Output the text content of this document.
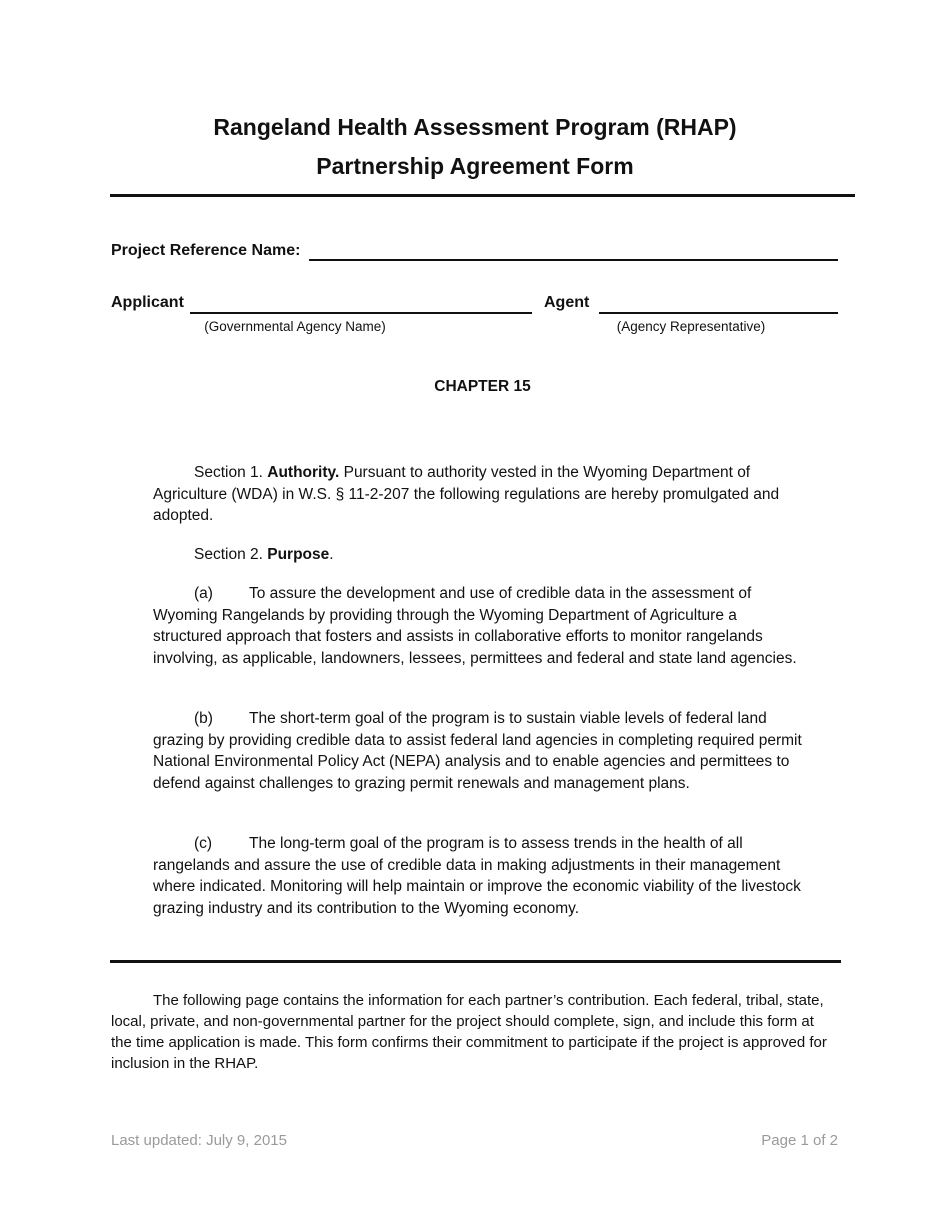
Rangeland Health Assessment Program (RHAP)
Partnership Agreement Form
Project Reference Name:
Applicant
(Governmental Agency Name)
Agent
(Agency Representative)
CHAPTER 15
Section 1. Authority. Pursuant to authority vested in the Wyoming Department of Agriculture (WDA) in W.S. § 11-2-207 the following regulations are hereby promulgated and adopted.
Section 2. Purpose.
(a) To assure the development and use of credible data in the assessment of Wyoming Rangelands by providing through the Wyoming Department of Agriculture a structured approach that fosters and assists in collaborative efforts to monitor rangelands involving, as applicable, landowners, lessees, permittees and federal and state land agencies.
(b) The short-term goal of the program is to sustain viable levels of federal land grazing by providing credible data to assist federal land agencies in completing required permit National Environmental Policy Act (NEPA) analysis and to enable agencies and permittees to defend against challenges to grazing permit renewals and management plans.
(c) The long-term goal of the program is to assess trends in the health of all rangelands and assure the use of credible data in making adjustments in their management where indicated. Monitoring will help maintain or improve the economic viability of the livestock grazing industry and its contribution to the Wyoming economy.
The following page contains the information for each partner’s contribution. Each federal, tribal, state, local, private, and non-governmental partner for the project should complete, sign, and include this form at the time application is made. This form confirms their commitment to participate if the project is approved for inclusion in the RHAP.
Last updated: July 9, 2015	Page 1 of 2
